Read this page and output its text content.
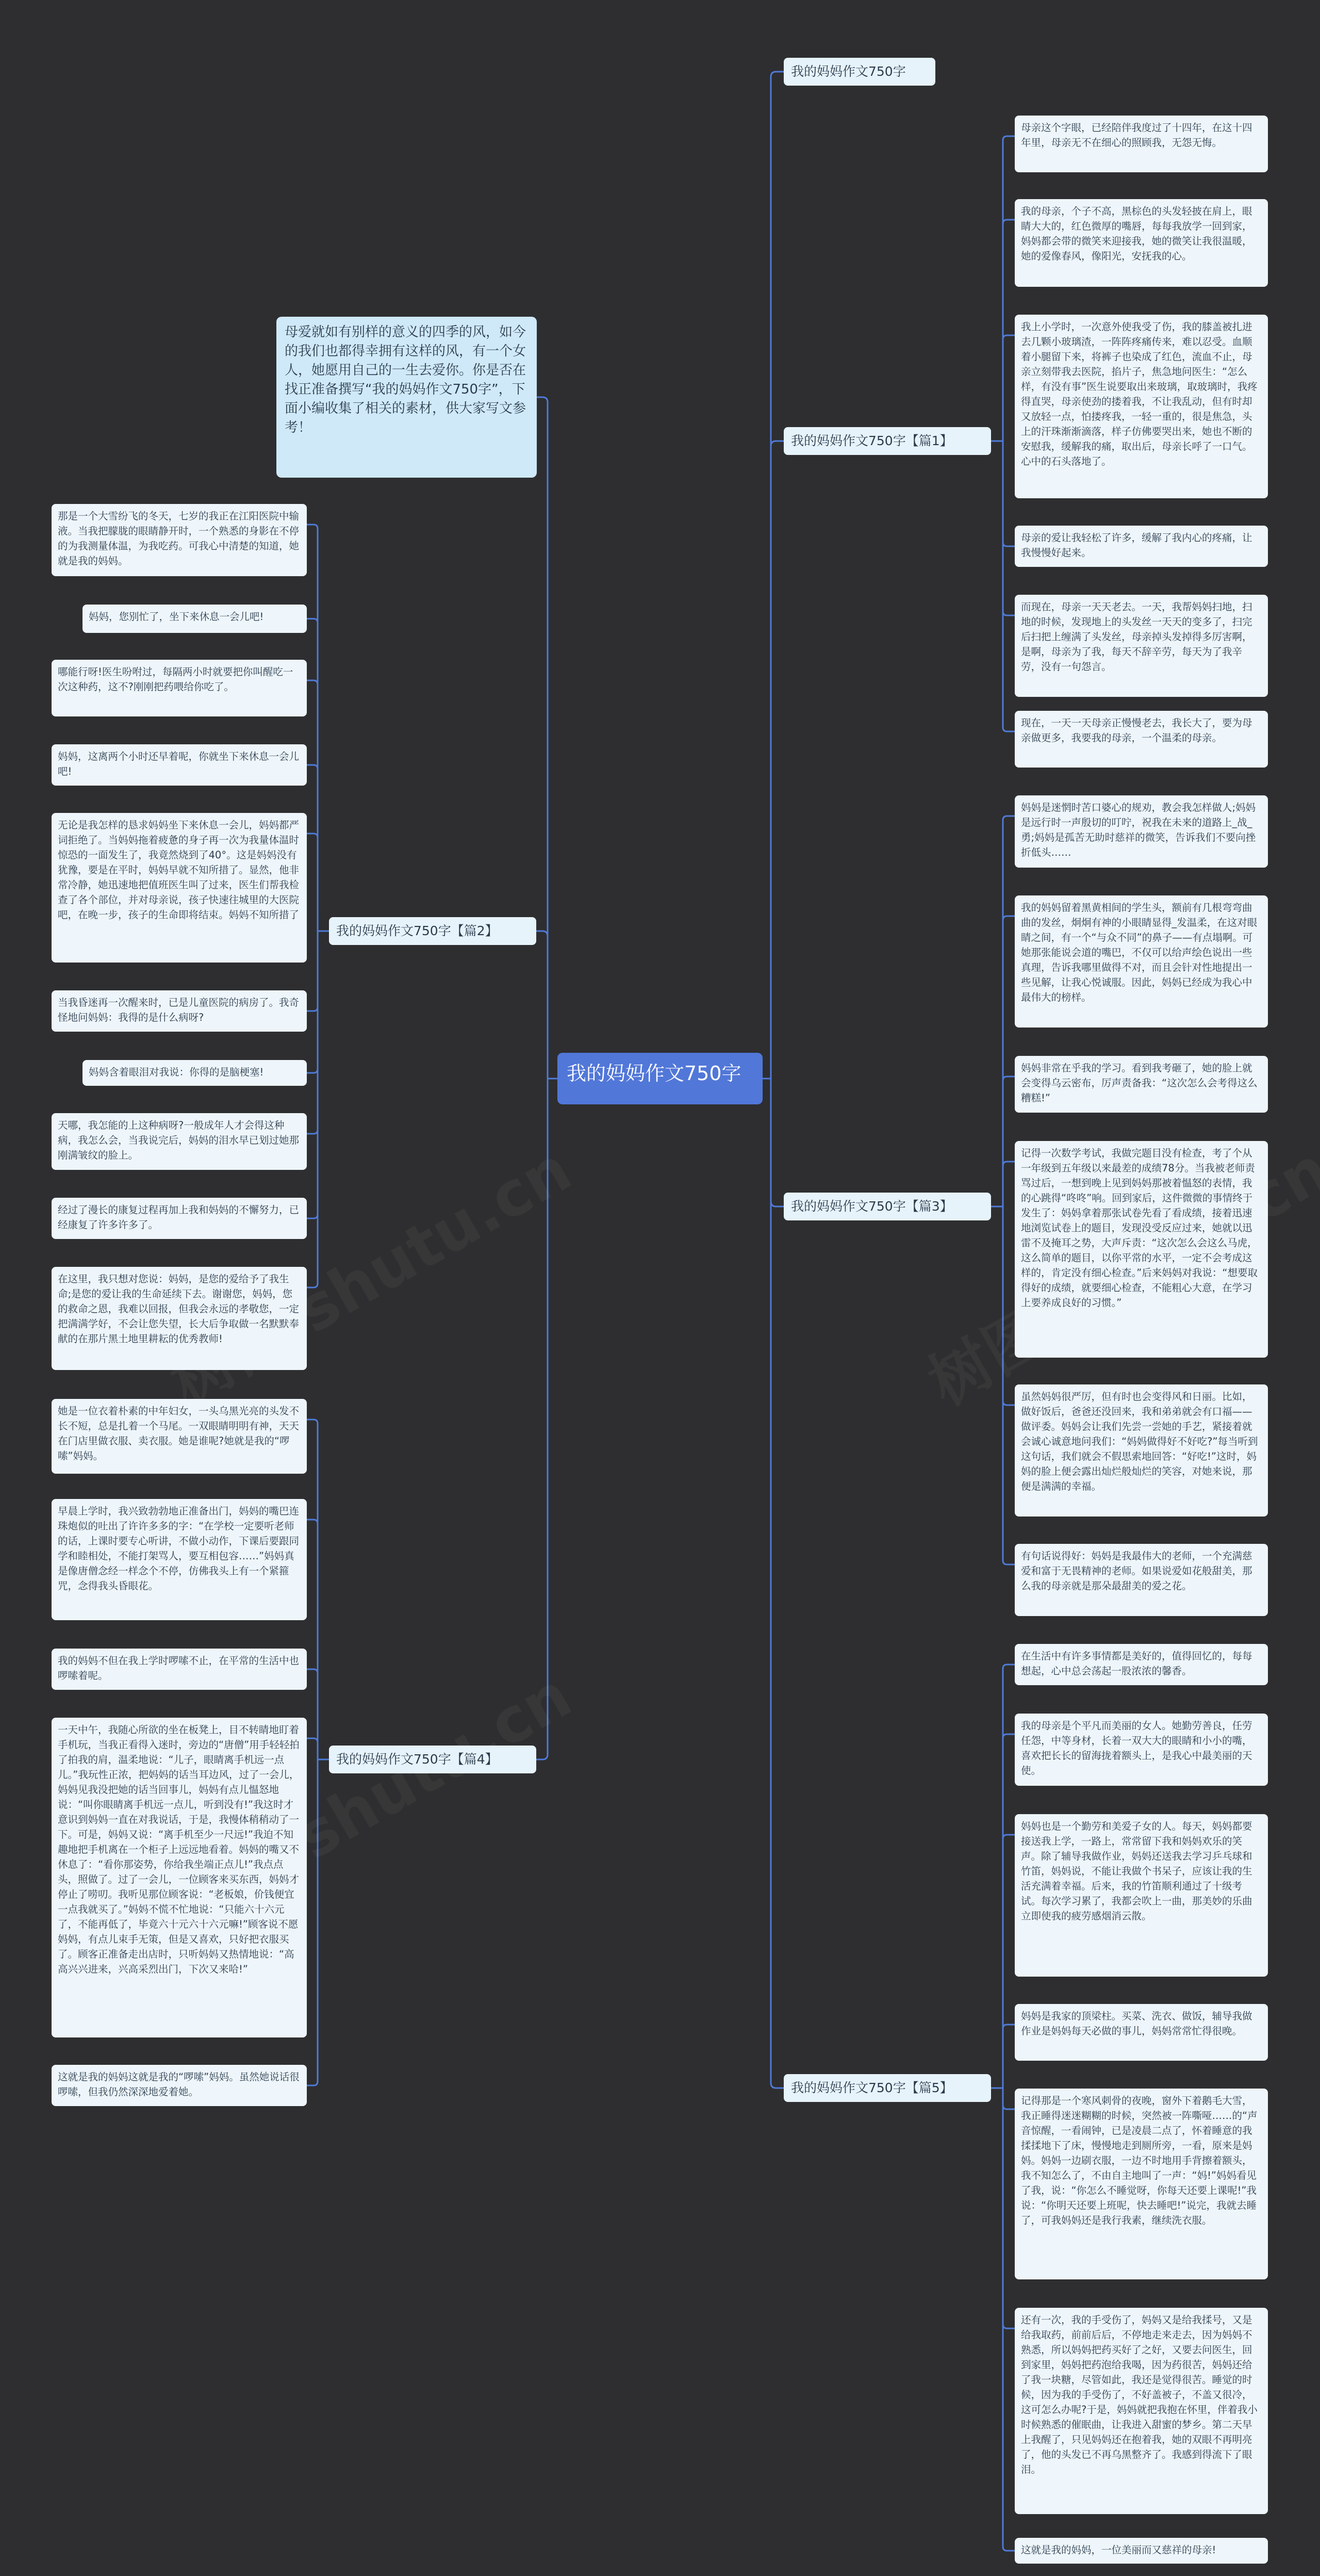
我的妈妈作文750字
母爱就如有别样的意义的四季的风，如今的我们也都得幸拥有这样的风，有一个女人，她愿用自己的一生去爱你。你是否在找正准备撰写“我的妈妈作文750字”，下面小编收集了相关的素材，供大家写文参考！
我的妈妈作文750字
我的妈妈作文750字【篇1】
我的妈妈作文750字【篇3】
我的妈妈作文750字【篇5】
我的妈妈作文750字【篇2】
我的妈妈作文750字【篇4】
母亲这个字眼，已经陪伴我度过了十四年，在这十四年里，母亲无不在细心的照顾我，无怨无悔。
我的母亲，个子不高，黑棕色的头发轻披在肩上，眼睛大大的，红色微厚的嘴唇，每每我放学一回到家，妈妈都会带的微笑来迎接我，她的微笑让我很温暖，她的爱像春风，像阳光，安抚我的心。
我上小学时，一次意外使我受了伤，我的膝盖被扎进去几颗小玻璃渣，一阵阵疼痛传来，难以忍受。血顺着小腿留下来，将裤子也染成了红色，流血不止，母亲立刻带我去医院，掐片子，焦急地问医生：“怎么样，有没有事”医生说要取出来玻璃，取玻璃时，我疼得直哭，母亲使劲的搂着我，不让我乱动，但有时却又放轻一点，怕搂疼我，一轻一重的，很是焦急，头上的汗珠渐渐滴落，样子仿佛要哭出来，她也不断的安慰我，缓解我的痛，取出后，母亲长呼了一口气。心中的石头落地了。
母亲的爱让我轻松了许多，缓解了我内心的疼痛，让我慢慢好起来。
而现在，母亲一天天老去。一天，我帮妈妈扫地，扫地的时候，发现地上的头发丝一天天的变多了，扫完后扫把上缠满了头发丝，母亲掉头发掉得多厉害啊，是啊，母亲为了我，每天不辞辛劳，每天为了我辛劳，没有一句怨言。
现在，一天一天母亲正慢慢老去，我长大了，要为母亲做更多，我要我的母亲，一个温柔的母亲。
妈妈是迷惘时苦口婆心的规劝，教会我怎样做人;妈妈是远行时一声殷切的叮咛，祝我在未来的道路上_战_勇;妈妈是孤苦无助时慈祥的微笑，告诉我们不要向挫折低头……
我的妈妈留着黑黄相间的学生头，额前有几根弯弯曲曲的发丝，炯炯有神的小眼睛显得_发温柔，在这对眼睛之间，有一个“与众不同”的鼻子——有点塌啊。可她那张能说会道的嘴巴，不仅可以给声绘色说出一些真理，告诉我哪里做得不对，而且会针对性地提出一些见解，让我心悦诚服。因此，妈妈已经成为我心中最伟大的榜样。
妈妈非常在乎我的学习。看到我考砸了，她的脸上就会变得乌云密布，厉声责备我：“这次怎么会考得这么糟糕!”
记得一次数学考试，我做完题目没有检查，考了个从一年级到五年级以来最差的成绩78分。当我被老师责骂过后，一想到晚上见到妈妈那被着愠怒的表情，我的心跳得“咚咚”响。回到家后，这件微微的事情终于发生了：妈妈拿着那张试卷先看了看成绩，接着迅速地浏览试卷上的题目，发现没受反应过来，她就以迅雷不及掩耳之势，大声斥责：“这次怎么会这么马虎，这么简单的题目，以你平常的水平，一定不会考成这样的，肯定没有细心检查。”后来妈妈对我说：“想要取得好的成绩，就要细心检查，不能粗心大意，在学习上要养成良好的习惯。”
虽然妈妈很严厉，但有时也会变得风和日丽。比如，做好饭后，爸爸还没回来，我和弟弟就会有口福——做评委。妈妈会让我们先尝一尝她的手艺，紧接着就会诚心诚意地问我们：“妈妈做得好不好吃?”每当听到这句话，我们就会不假思索地回答：“好吃!”这时，妈妈的脸上便会露出灿烂般灿烂的笑容，对她来说，那便是满满的幸福。
有句话说得好：妈妈是我最伟大的老师，一个充满慈爱和富于无畏精神的老师。如果说爱如花般甜美，那么我的母亲就是那朵最甜美的爱之花。
在生活中有许多事情都是美好的，值得回忆的，每每想起，心中总会荡起一股浓浓的馨香。
我的母亲是个平凡而美丽的女人。她勤劳善良，任劳任怨，中等身材，长着一双大大的眼睛和小小的嘴，喜欢把长长的留海拢着额头上，是我心中最美丽的天使。
妈妈也是一个勤劳和美爱子女的人。每天，妈妈都要接送我上学，一路上，常常留下我和妈妈欢乐的笑声。除了辅导我做作业，妈妈还送我去学习乒乓球和竹笛，妈妈说，不能让我做个书呆子，应该让我的生活充满着幸福。后来，我的竹笛顺利通过了十级考试。每次学习累了，我都会吹上一曲，那美妙的乐曲立即使我的疲劳感烟消云散。
妈妈是我家的顶梁柱。买菜、洗衣、做饭，辅导我做作业是妈妈每天必做的事儿，妈妈常常忙得很晚。
记得那是一个寒风刺骨的夜晚，窗外下着鹅毛大雪，我正睡得迷迷糊糊的时候，突然被一阵嘶哑……的“声音惊醒，一看闹钟，已是凌晨二点了，怀着睡意的我揉揉地下了床，慢慢地走到厕所旁，一看，原来是妈妈。妈妈一边刷衣服，一边不时地用手背擦着额头，我不知怎么了，不由自主地叫了一声：“妈!”妈妈看见了我，说：“你怎么不睡觉呀，你每天还要上课呢!”我说：“你明天还要上班呢，快去睡吧!”说完，我就去睡了，可我妈妈还是我行我素，继续洗衣服。
还有一次，我的手受伤了，妈妈又是给我揉号，又是给我取药，前前后后，不停地走来走去，因为妈妈不熟悉，所以妈妈把药买好了之好，又要去问医生，回到家里，妈妈把药泡给我喝，因为药很苦，妈妈还给了我一块糖，尽管如此，我还是觉得很苦。睡觉的时候，因为我的手受伤了，不好盖被子，不盖又很冷，这可怎么办呢?于是，妈妈就把我抱在怀里，伴着我小时候熟悉的催眠曲，让我进入甜蜜的梦乡。第二天早上我醒了，只见妈妈还在抱着我，她的双眼不再明亮了，他的头发已不再乌黑整齐了。我感到得流下了眼泪。
这就是我的妈妈，一位美丽而又慈祥的母亲!
那是一个大雪纷飞的冬天，七岁的我正在江阳医院中输液。当我把朦胧的眼睛静开时，一个熟悉的身影在不停的为我测量体温，为我吃药。可我心中清楚的知道，她就是我的妈妈。
妈妈，您别忙了，坐下来休息一会儿吧!
哪能行呀!医生吩咐过，每隔两小时就要把你叫醒吃一次这种药，这不?刚刚把药喂给你吃了。
妈妈，这离两个小时还早着呢，你就坐下来休息一会儿吧!
无论是我怎样的恳求妈妈坐下来休息一会儿，妈妈都严词拒绝了。当妈妈拖着疲惫的身子再一次为我量体温时惊恐的一面发生了，我竟然烧到了40°。这是妈妈没有犹豫，要是在平时，妈妈早就不知所措了。显然，他非常冷静，她迅速地把值班医生叫了过来，医生们帮我检查了各个部位，并对母亲说，孩子快速往城里的大医院吧，在晚一步，孩子的生命即将结束。妈妈不知所措了
当我昏迷再一次醒来时，已是儿童医院的病房了。我奇怪地问妈妈：我得的是什么病呀?
妈妈含着眼泪对我说：你得的是脑梗塞!
天哪，我怎能的上这种病呀?一般成年人才会得这种病，我怎么会，当我说完后，妈妈的泪水早已划过她那刚满皱纹的脸上。
经过了漫长的康复过程再加上我和妈妈的不懈努力，已经康复了许多许多了。
在这里，我只想对您说：妈妈，是您的爱给予了我生命;是您的爱让我的生命延续下去。谢谢您，妈妈，您的救命之恩，我难以回报，但我会永远的孝敬您，一定把满满学好，不会让您失望，长大后争取做一名默默奉献的在那片黑土地里耕耘的优秀教师!
她是一位衣着朴素的中年妇女，一头乌黑光亮的头发不长不短，总是扎着一个马尾。一双眼睛明明有神，天天在门店里做衣服、卖衣服。她是谁呢?她就是我的“啰嗦”妈妈。
早晨上学时，我兴致勃勃地正准备出门，妈妈的嘴巴连珠炮似的吐出了许许多多的字：“在学校一定要听老师的话，上课时要专心听讲，不做小动作，下课后要跟同学和睦相处，不能打架骂人，要互相包容……”妈妈真是像唐僧念经一样念个不停，仿佛我头上有一个紧箍咒，念得我头昏眼花。
我的妈妈不但在我上学时啰嗦不止，在平常的生活中也啰嗦着呢。
一天中午，我随心所欲的坐在板凳上，目不转睛地盯着手机玩，当我正看得入迷时，旁边的“唐僧”用手轻轻拍了拍我的肩，温柔地说：“儿子，眼睛离手机远一点儿。”我玩性正浓，把妈妈的话当耳边风，过了一会儿，妈妈见我没把她的话当回事儿，妈妈有点儿愠怒地说：“叫你眼睛离手机远一点儿，听到没有!”我这时才意识到妈妈一直在对我说话，于是，我慢体稍稍动了一下。可是，妈妈又说：“离手机至少一尺远!”我迫不知趣地把手机离在一个柜子上远远地看着。妈妈的嘴又不休息了：“看你那姿势，你给我坐端正点儿!”我点点头，照做了。过了一会儿，一位顾客来买东西，妈妈才停止了唠叨。我听见那位顾客说：“老板娘，价钱便宜一点我就买了。”妈妈不慌不忙地说：“只能六十六元了，不能再低了，毕竟六十元六十六元嘛!”顾客说不愿妈妈，有点儿束手无策，但是又喜欢，只好把衣服买了。顾客正准备走出店时，只听妈妈又热情地说：“高高兴兴进来，兴高采烈出门，下次又来哈!”
这就是我的妈妈这就是我的“啰嗦”妈妈。虽然她说话很啰嗦，但我仍然深深地爱着她。
